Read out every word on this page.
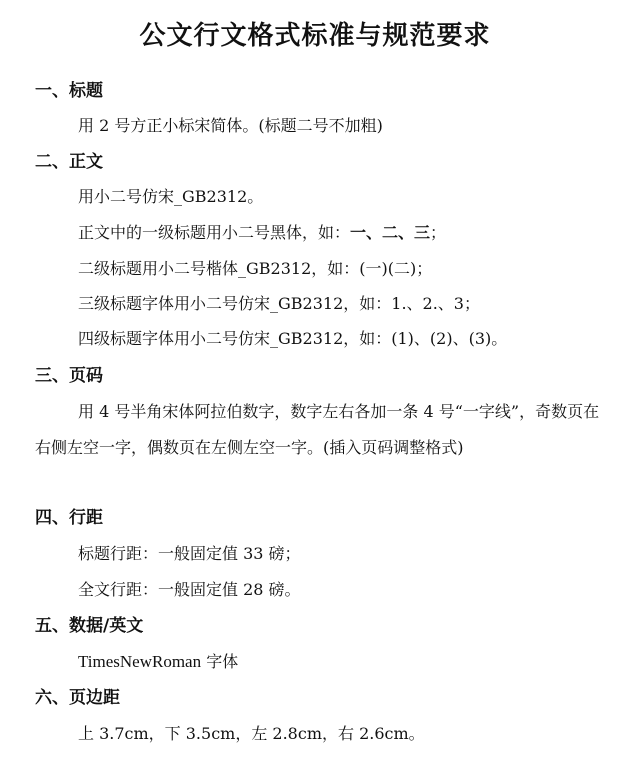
公文行文格式标准与规范要求
一、标题
用 2 号方正小标宋简体。(标题二号不加粗)
二、正文
用小二号仿宋_GB2312。
正文中的一级标题用小二号黑体，如：一、二、三；
二级标题用小二号楷体_GB2312，如：(一)(二)；
三级标题字体用小二号仿宋_GB2312，如：1.、2.、3；
四级标题字体用小二号仿宋_GB2312，如：(1)、(2)、(3)。
三、页码

用 4 号半角宋体阿拉伯数字，数字左右各加一条 4 号“一字线”，奇数页在右侧左空一字，偶数页在左侧左空一字。(插入页码调整格式)

四、行距
标题行距：一般固定值 33 磅；
全文行距：一般固定值 28 磅。
五、数据/英文
TimesNewRoman 字体
六、页边距
上 3.7cm，下 3.5cm，左 2.8cm，右 2.6cm。
